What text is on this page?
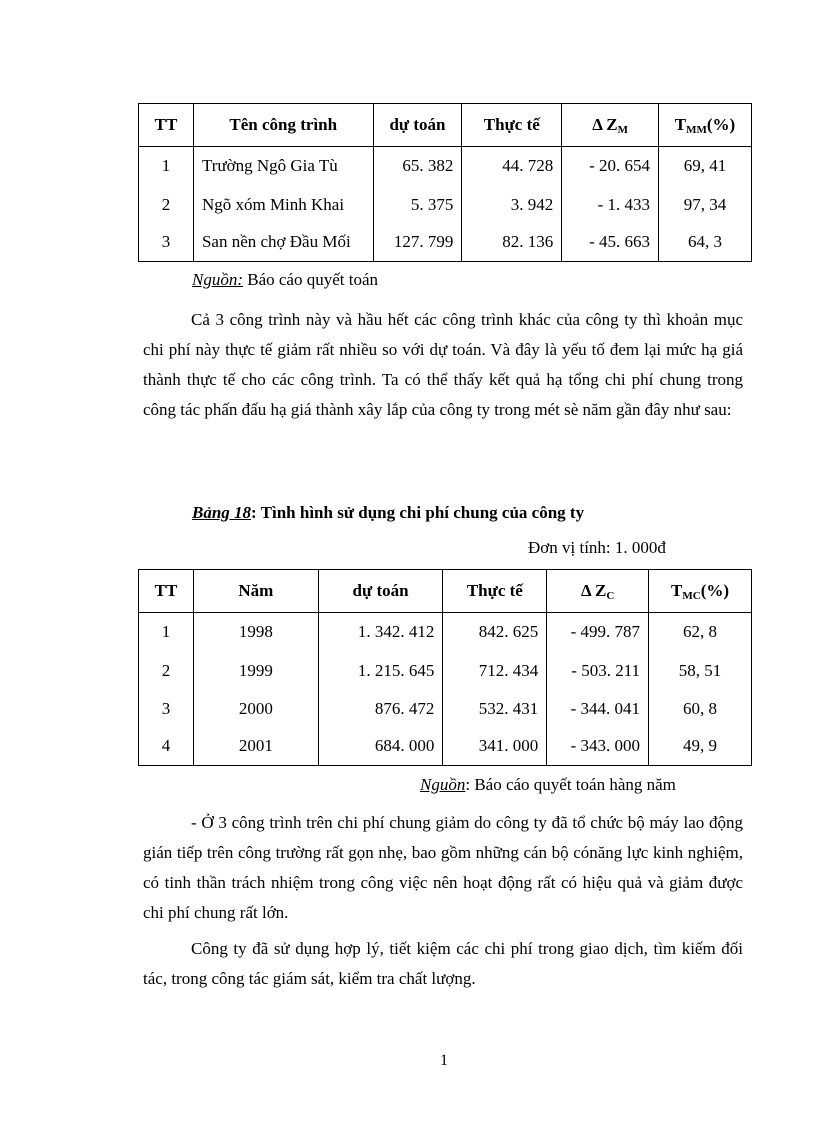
TT	Tên công trình	dự toán	Thực tế	Δ $Z_M$	$T_{MM}(\%)$
1	Trường Ngô Gia Tù	65. 382	44. 728	- 20. 654	69, 41
2	Ngõ xóm Minh Khai	5. 375	3. 942	- 1. 433	97, 34
3	San nền chợ Đầu Mối	127. 799	82. 136	- 45. 663	64, 3
Nguồn: Báo cáo quyết toán

Cả 3 công trình này và hầu hết các công trình khác của công ty thì khoản mục chi phí này thực tế giảm rất nhiều so với dự toán. Và đây là yếu tố đem lại mức hạ giá thành thực tế cho các công trình. Ta có thể thấy kết quả hạ tổng chi phí chung trong công tác phấn đấu hạ giá thành xây lắp của công ty trong mét sè năm gần đây như sau:

Bảng 18: Tình hình sử dụng chi phí chung của công ty
Đơn vị tính: 1. 000đ
TT	Năm	dự toán	Thực tế	Δ $Z_C$	$T_{MC}(\%)$
1	1998	1. 342. 412	842. 625	- 499. 787	62, 8
2	1999	1. 215. 645	712. 434	- 503. 211	58, 51
3	2000	876. 472	532. 431	- 344. 041	60, 8
4	2001	684. 000	341. 000	- 343. 000	49, 9
Nguồn: Báo cáo quyết toán hàng năm

- Ở 3 công trình trên chi phí chung giảm do công ty đã tổ chức bộ máy lao động gián tiếp trên công trường rất gọn nhẹ, bao gồm những cán bộ cónăng lực kinh nghiệm, có tinh thần trách nhiệm trong công việc nên hoạt động rất có hiệu quả và giảm được chi phí chung rất lớn.

Công ty đã sử dụng hợp lý, tiết kiệm các chi phí trong giao dịch, tìm kiếm đối tác, trong công tác giám sát, kiểm tra chất lượng.

1
